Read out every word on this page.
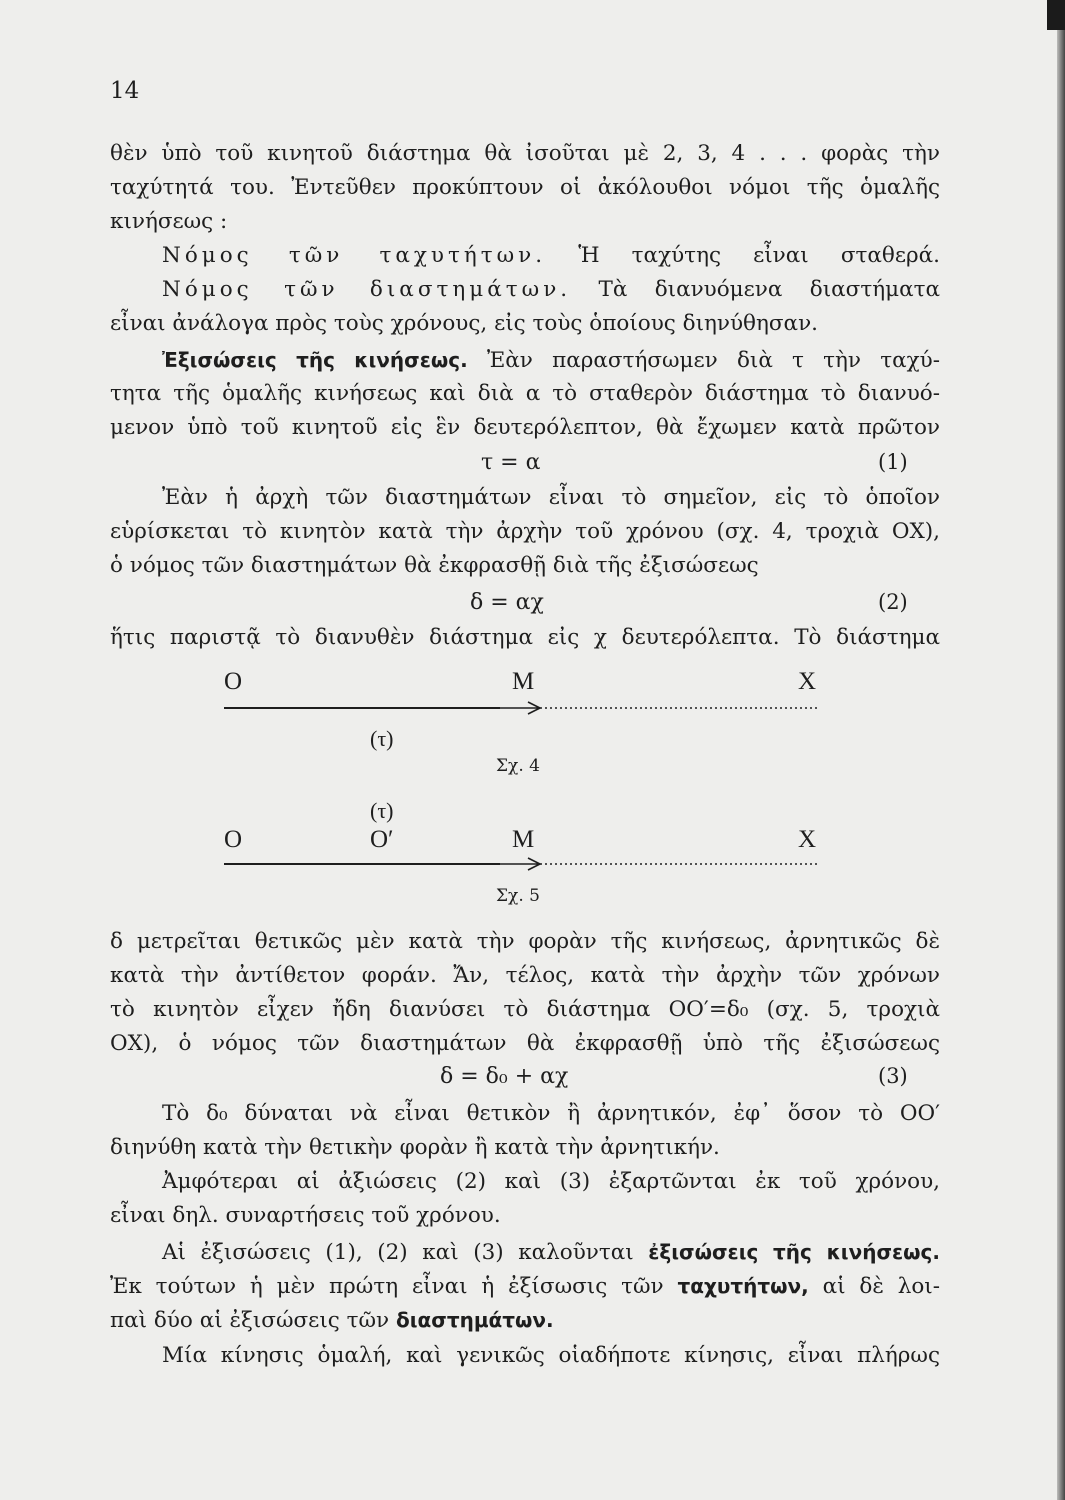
14
θὲν ὑπὸ τοῦ κινητοῦ διάστημα θὰ ἰσοῦται μὲ 2, 3, 4 . . . φορὰς τὴν
ταχύτητά του. Ἐντεῦθεν προκύπτουν οἱ ἀκόλουθοι νόμοι τῆς ὁμαλῆς
κινήσεως :
Νόμος τῶν ταχυτήτων. Ἡ ταχύτης εἶναι σταθερά.
Νόμος τῶν διαστημάτων. Τὰ διανυόμενα διαστήματα
εἶναι ἀνάλογα πρὸς τοὺς χρόνους, εἰς τοὺς ὁποίους διηνύθησαν.
Ἐξισώσεις τῆς κινήσεως. Ἐὰν παραστήσωμεν διὰ τ τὴν ταχύ-
τητα τῆς ὁμαλῆς κινήσεως καὶ διὰ α τὸ σταθερὸν διάστημα τὸ διανυό-
μενον ὑπὸ τοῦ κινητοῦ εἰς ἓν δευτερόλεπτον, θὰ ἔχωμεν κατὰ πρῶτον
τ = α	(1)
Ἐὰν ἡ ἀρχὴ τῶν διαστημάτων εἶναι τὸ σημεῖον, εἰς τὸ ὁποῖον
εὑρίσκεται τὸ κινητὸν κατὰ τὴν ἀρχὴν τοῦ χρόνου (σχ. 4, τροχιὰ ΟΧ),
ὁ νόμος τῶν διαστημάτων θὰ ἐκφρασθῇ διὰ τῆς ἐξισώσεως
δ = αχ	(2)
ἥτις παριστᾷ τὸ διανυθὲν διάστημα εἰς χ δευτερόλεπτα. Τὸ διάστημα
O	M	X
(τ)
Σχ. 4
(τ)
O	O′	M	X
Σχ. 5
δ μετρεῖται θετικῶς μὲν κατὰ τὴν φορὰν τῆς κινήσεως, ἀρνητικῶς δὲ
κατὰ τὴν ἀντίθετον φοράν. Ἄν, τέλος, κατὰ τὴν ἀρχὴν τῶν χρόνων
τὸ κινητὸν εἶχεν ἤδη διανύσει τὸ διάστημα ΟΟ′=δ₀ (σχ. 5, τροχιὰ
ΟΧ), ὁ νόμος τῶν διαστημάτων θὰ ἐκφρασθῇ ὑπὸ τῆς ἐξισώσεως
δ = δ₀ + αχ	(3)
Τὸ δ₀ δύναται νὰ εἶναι θετικὸν ἢ ἀρνητικόν, ἐφ᾽ ὅσον τὸ ΟΟ′
διηνύθη κατὰ τὴν θετικὴν φορὰν ἢ κατὰ τὴν ἀρνητικήν.
Ἀμφότεραι αἱ ἀξιώσεις (2) καὶ (3) ἐξαρτῶνται ἐκ τοῦ χρόνου,
εἶναι δηλ. συναρτήσεις τοῦ χρόνου.
Αἱ ἐξισώσεις (1), (2) καὶ (3) καλοῦνται ἐξισώσεις τῆς κινήσεως.
Ἐκ τούτων ἡ μὲν πρώτη εἶναι ἡ ἐξίσωσις τῶν ταχυτήτων, αἱ δὲ λοι-
παὶ δύο αἱ ἐξισώσεις τῶν διαστημάτων.
Μία κίνησις ὁμαλή, καὶ γενικῶς οἱαδήποτε κίνησις, εἶναι πλήρως
